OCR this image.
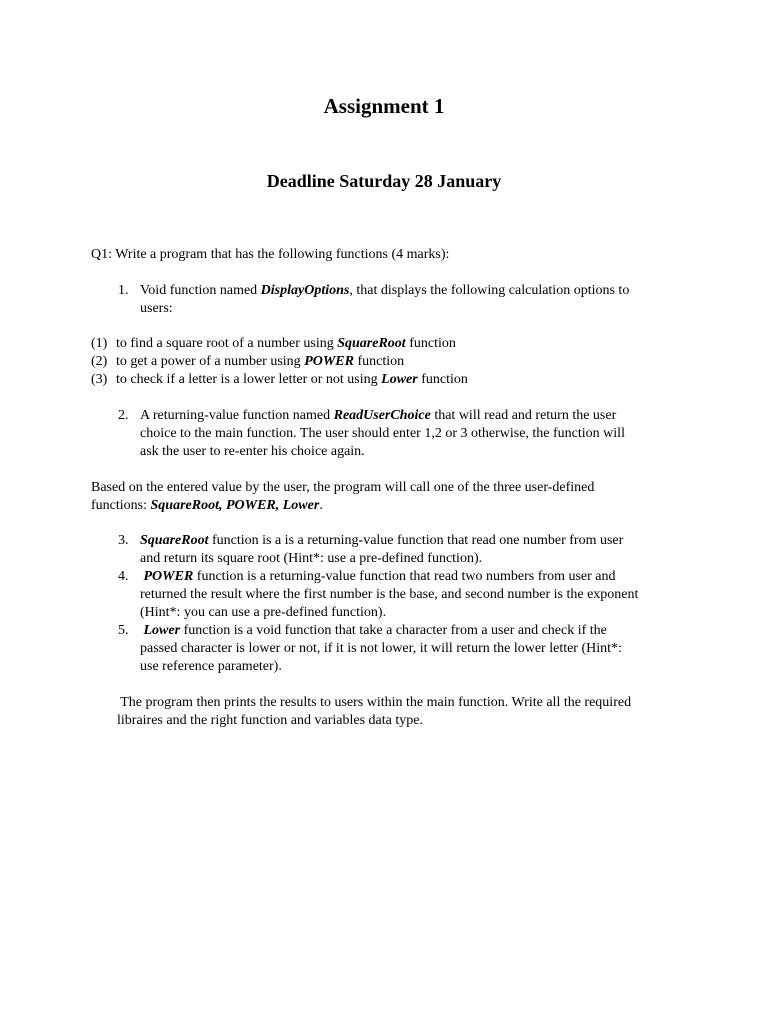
Assignment 1
Deadline Saturday 28 January
Q1: Write a program that has the following functions (4 marks):
1. Void function named DisplayOptions, that displays the following calculation options to
users:
(1) to find a square root of a number using SquareRoot function
(2) to get a power of a number using POWER function
(3) to check if a letter is a lower letter or not using Lower function
2. A returning-value function named ReadUserChoice that will read and return the user
choice to the main function. The user should enter 1,2 or 3 otherwise, the function will
ask the user to re-enter his choice again.
Based on the entered value by the user, the program will call one of the three user-defined
functions: SquareRoot, POWER, Lower.
3. SquareRoot function is a is a returning-value function that read one number from user
and return its square root (Hint*: use a pre-defined function).
4. POWER function is a returning-value function that read two numbers from user and
returned the result where the first number is the base, and second number is the exponent
(Hint*: you can use a pre-defined function).
5. Lower function is a void function that take a character from a user and check if the
passed character is lower or not, if it is not lower, it will return the lower letter (Hint*:
use reference parameter).
The program then prints the results to users within the main function. Write all the required
libraires and the right function and variables data type.
